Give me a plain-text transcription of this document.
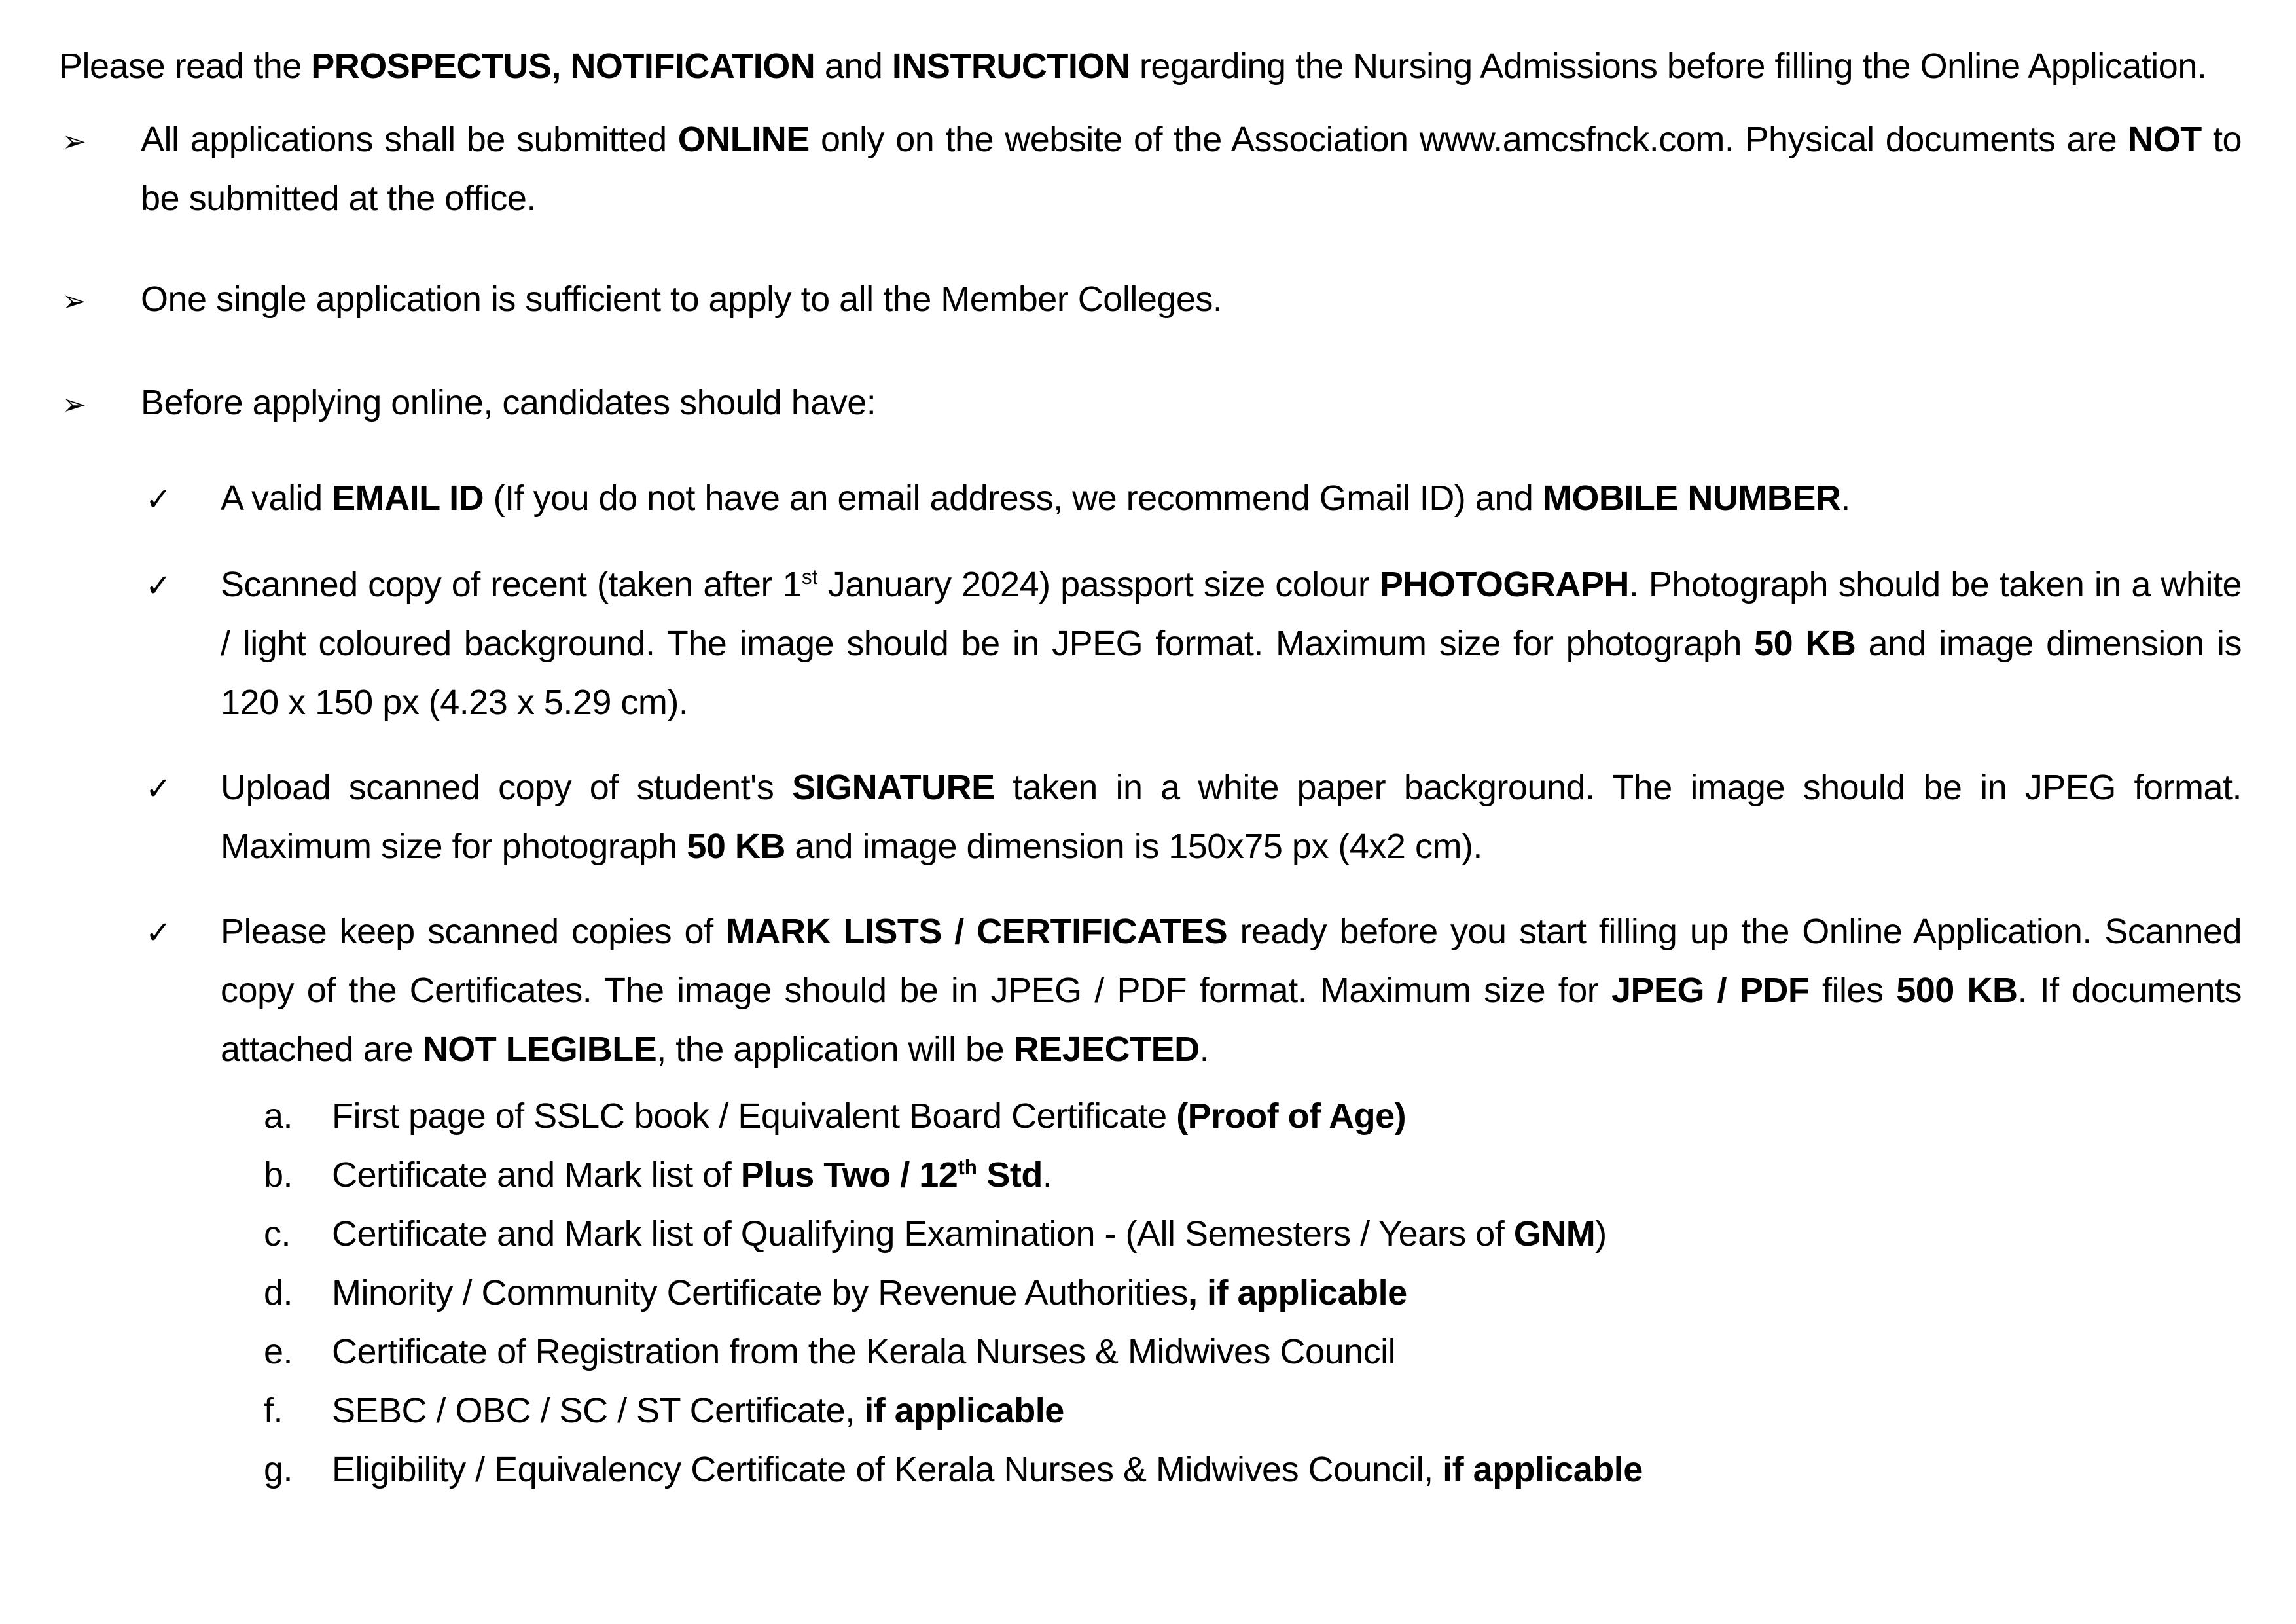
Please read the PROSPECTUS, NOTIFICATION and INSTRUCTION regarding the Nursing Admissions before filling the Online Application.
➢	All applications shall be submitted ONLINE only on the website of the Association www.amcsfnck.com. Physical documents are NOT to be submitted at the office.
➢	One single application is sufficient to apply to all the Member Colleges.
➢	Before applying online, candidates should have:
✓	A valid EMAIL ID (If you do not have an email address, we recommend Gmail ID) and MOBILE NUMBER.
✓	Scanned copy of recent (taken after 1st January 2024) passport size colour PHOTOGRAPH. Photograph should be taken in a white / light coloured background. The image should be in JPEG format. Maximum size for photograph 50 KB and image dimension is 120 x 150 px (4.23 x 5.29 cm).
✓	Upload scanned copy of student's SIGNATURE taken in a white paper background. The image should be in JPEG format. Maximum size for photograph 50 KB and image dimension is 150x75 px (4x2 cm).
✓	Please keep scanned copies of MARK LISTS / CERTIFICATES ready before you start filling up the Online Application. Scanned copy of the Certificates. The image should be in JPEG / PDF format. Maximum size for JPEG / PDF files 500 KB. If documents attached are NOT LEGIBLE, the application will be REJECTED.
a.	First page of SSLC book / Equivalent Board Certificate (Proof of Age)
b.	Certificate and Mark list of Plus Two / 12th Std.
c.	Certificate and Mark list of Qualifying Examination - (All Semesters / Years of GNM)
d.	Minority / Community Certificate by Revenue Authorities, if applicable
e.	Certificate of Registration from the Kerala Nurses & Midwives Council
f.	SEBC / OBC / SC / ST Certificate, if applicable
g.	Eligibility / Equivalency Certificate of Kerala Nurses & Midwives Council, if applicable
